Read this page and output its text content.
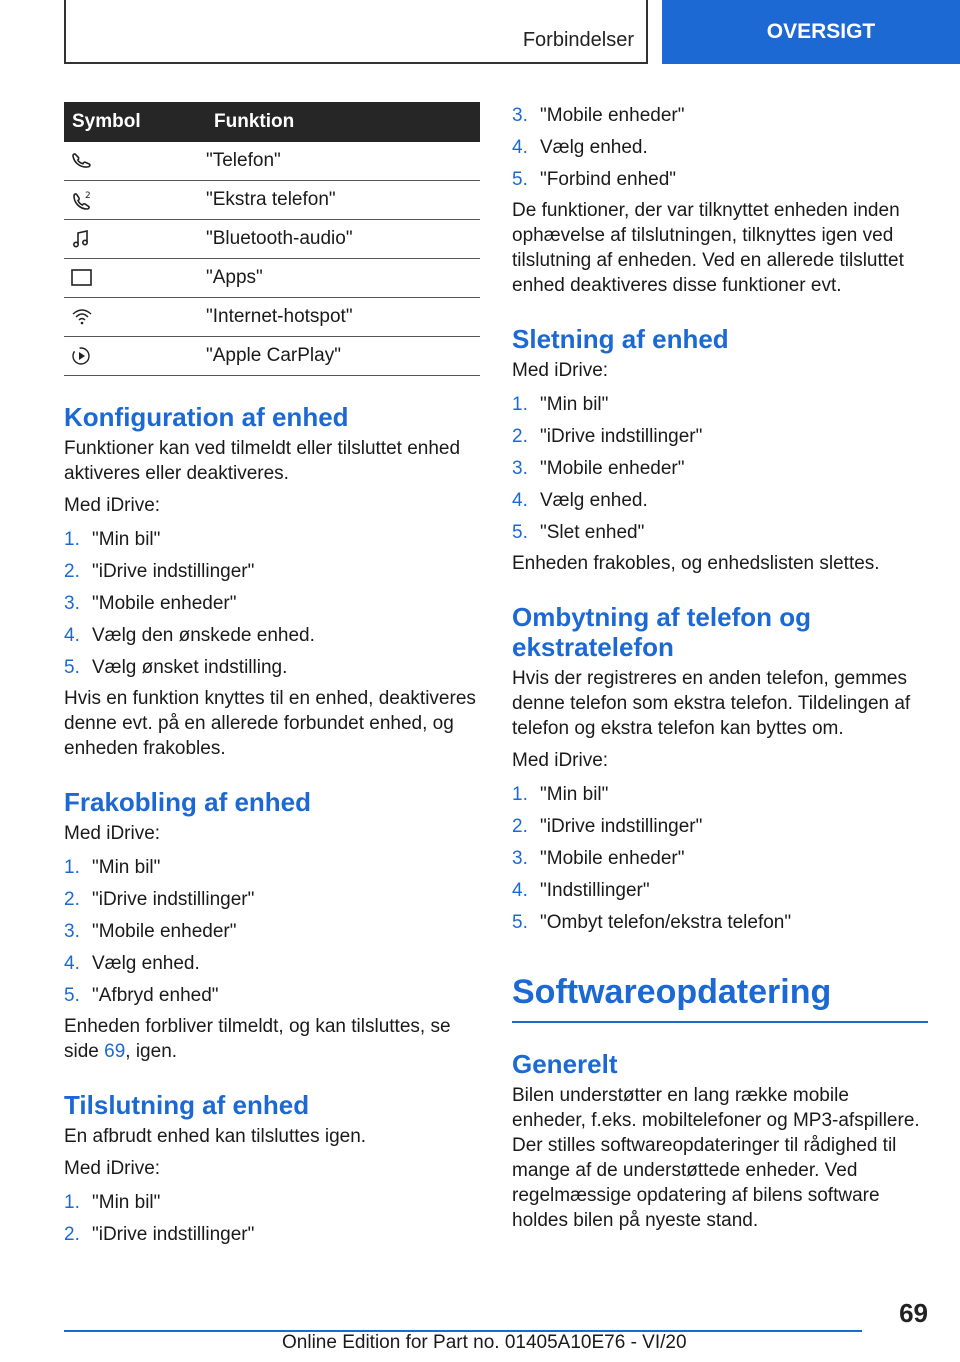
Forbindelser	OVERSIGT
Symbol	Funktion

	"Telefon"

2	"Ekstra telefon"

	"Bluetooth-audio"

	"Apps"

	"Internet-hotspot"

	"Apple CarPlay"
Konfiguration af enhed

Funktioner kan ved tilmeldt eller tilsluttet enhed aktiveres eller deaktiveres.

Med iDrive:

1. "Min bil"
2. "iDrive indstillinger"
3. "Mobile enheder"
4. Vælg den ønskede enhed.
5. Vælg ønsket indstilling.

Hvis en funktion knyttes til en enhed, deaktiveres denne evt. på en allerede forbundet enhed, og enheden frakobles.

Frakobling af enhed

Med iDrive:

1. "Min bil"
2. "iDrive indstillinger"
3. "Mobile enheder"
4. Vælg enhed.
5. "Afbryd enhed"

Enheden forbliver tilmeldt, og kan tilsluttes, se side 69, igen.

Tilslutning af enhed

En afbrudt enhed kan tilsluttes igen.

Med iDrive:

1. "Min bil"
2. "iDrive indstillinger"
3. "Mobile enheder"
4. Vælg enhed.
5. "Forbind enhed"

De funktioner, der var tilknyttet enheden inden ophævelse af tilslutningen, tilknyttes igen ved tilslutning af enheden. Ved en allerede tilsluttet enhed deaktiveres disse funktioner evt.

Sletning af enhed

Med iDrive:

1. "Min bil"
2. "iDrive indstillinger"
3. "Mobile enheder"
4. Vælg enhed.
5. "Slet enhed"

Enheden frakobles, og enhedslisten slettes.

Ombytning af telefon og ekstratelefon

Hvis der registreres en anden telefon, gemmes denne telefon som ekstra telefon. Tildelingen af telefon og ekstra telefon kan byttes om.

Med iDrive:

1. "Min bil"
2. "iDrive indstillinger"
3. "Mobile enheder"
4. "Indstillinger"
5. "Ombyt telefon/ekstra telefon"
Softwareopdatering
Generelt

Bilen understøtter en lang række mobile enheder, f.eks. mobiltelefoner og MP3-afspillere. Der stilles softwareopdateringer til rådighed til mange af de understøttede enheder. Ved regelmæssige opdatering af bilens software holdes bilen på nyeste stand.

69
Online Edition for Part no. 01405A10E76 - VI/20
